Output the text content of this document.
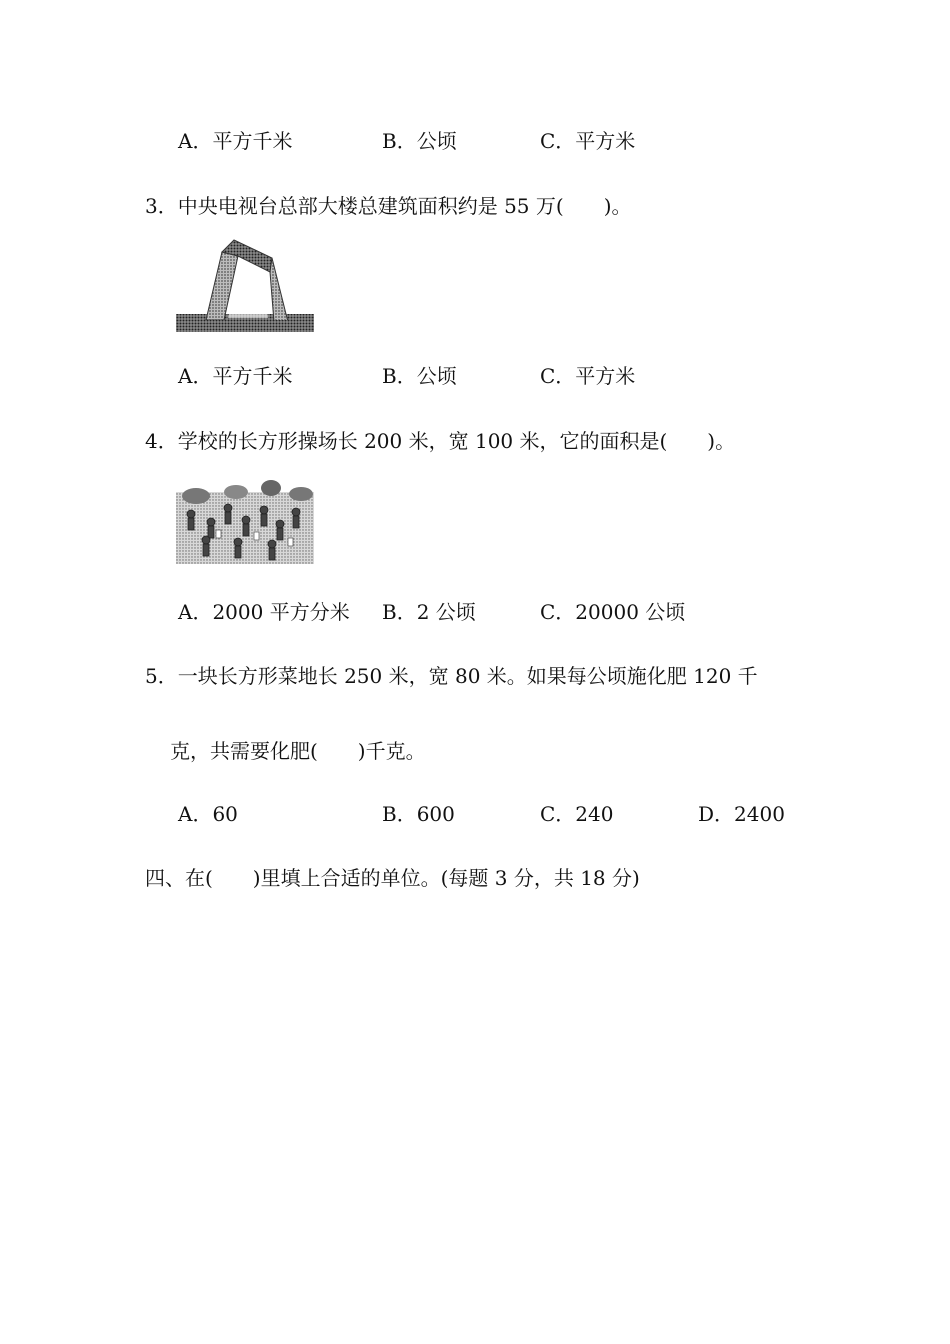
A．平方千米	B．公顷	C．平方米
3．中央电视台总部大楼总建筑面积约是 55 万(　　)。
A．平方千米	B．公顷	C．平方米
4．学校的长方形操场长 200 米，宽 100 米，它的面积是(　　)。
A．2000 平方分米 B．2 公顷	C．20000 公顷
5．一块长方形菜地长 250 米，宽 80 米。如果每公顷施化肥 120 千
克，共需要化肥(　　)千克。
A．60	B．600	C．240	D．2400
四、在(　　)里填上合适的单位。(每题 3 分，共 18 分)
